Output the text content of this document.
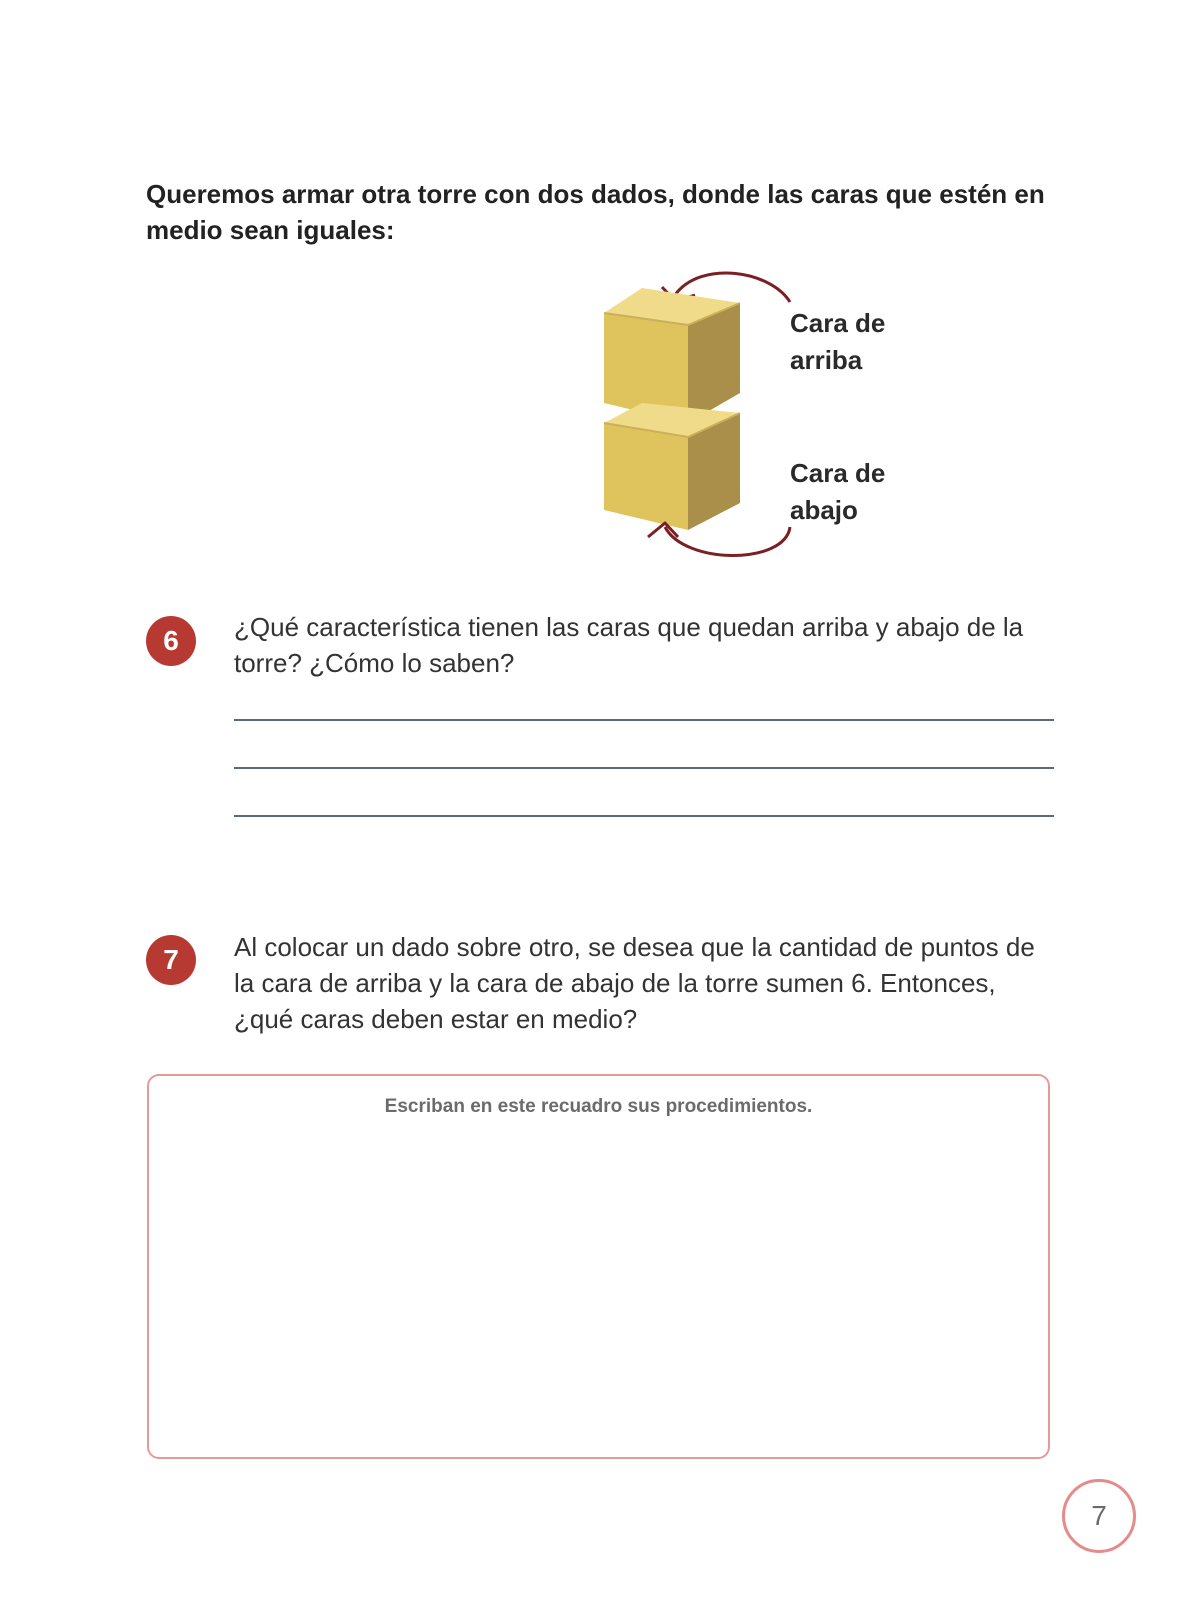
Queremos armar otra torre con dos dados, donde las caras que estén en medio sean iguales:

Cara de
arriba
Cara de
abajo
6	¿Qué característica tienen las caras que quedan arriba y abajo de la torre? ¿Cómo lo saben?

7	Al colocar un dado sobre otro, se desea que la cantidad de puntos de la cara de arriba y la cara de abajo de la torre sumen 6. Entonces, ¿qué caras deben estar en medio?

Escriban en este recuadro sus procedimientos.
7
